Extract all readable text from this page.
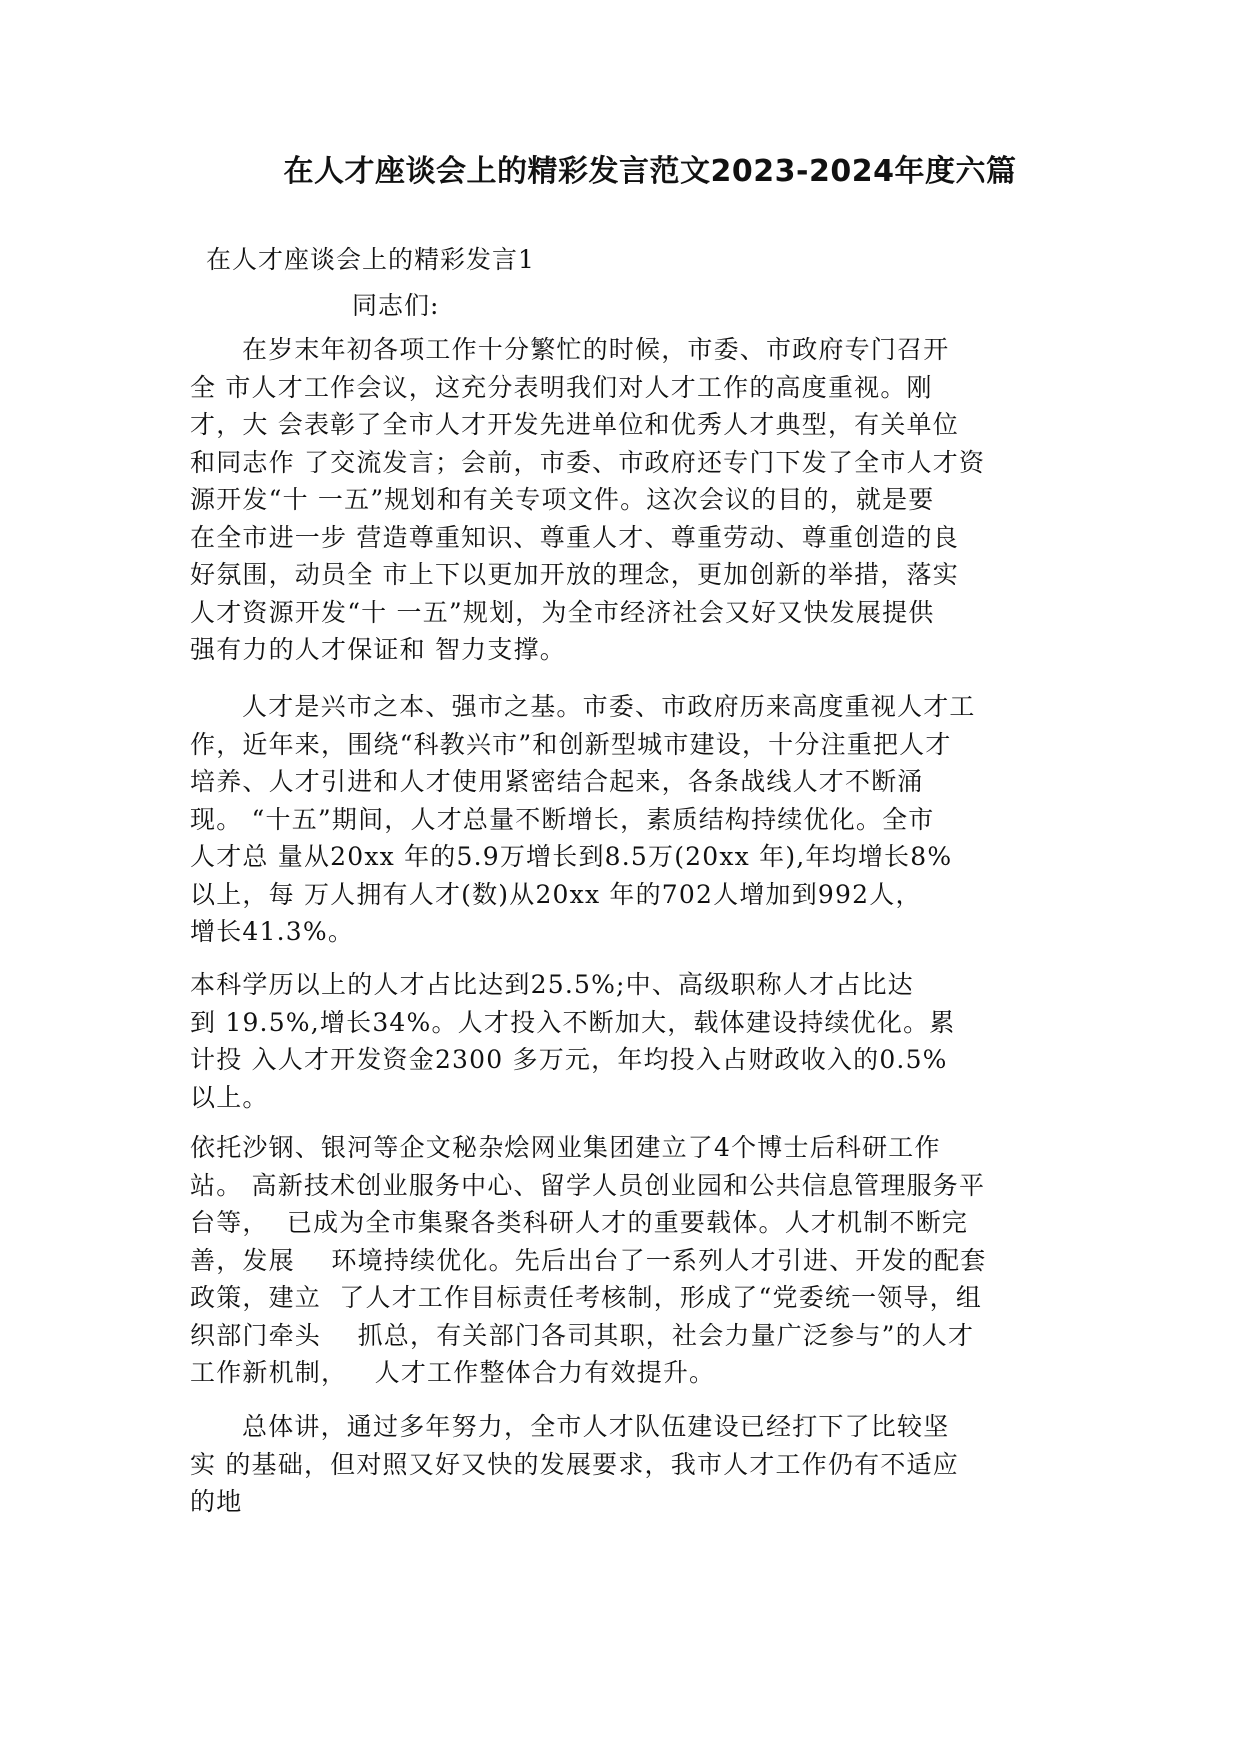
在人才座谈会上的精彩发言范文2023-2024年度六篇

在人才座谈会上的精彩发言1

同志们:

在岁末年初各项工作十分繁忙的时候，市委、市政府专门召开
全 市人才工作会议，这充分表明我们对人才工作的高度重视。刚
才，大 会表彰了全市人才开发先进单位和优秀人才典型，有关单位
和同志作 了交流发言；会前，市委、市政府还专门下发了全市人才资
源开发“十 一五”规划和有关专项文件。这次会议的目的，就是要
在全市进一步 营造尊重知识、尊重人才、尊重劳动、尊重创造的良
好氛围，动员全 市上下以更加开放的理念，更加创新的举措，落实
人才资源开发“十 一五”规划，为全市经济社会又好又快发展提供
强有力的人才保证和 智力支撑。

人才是兴市之本、强市之基。市委、市政府历来高度重视人才工
作，近年来，围绕“科教兴市”和创新型城市建设，十分注重把人才
培养、人才引进和人才使用紧密结合起来，各条战线人才不断涌
现。 “十五”期间，人才总量不断增长，素质结构持续优化。全市
人才总 量从20xx 年的5.9万增长到8.5万(20xx 年),年均增长8%
以上，每 万人拥有人才(数)从20xx 年的702人增加到992人，
增长41.3%。

本科学历以上的人才占比达到25.5%;中、高级职称人才占比达
到 19.5%,增长34%。人才投入不断加大，载体建设持续优化。累
计投 入人才开发资金2300 多万元，年均投入占财政收入的0.5%
以上。

依托沙钢、银河等企文秘杂烩网业集团建立了4个博士后科研工作
站。 高新技术创业服务中心、留学人员创业园和公共信息管理服务平
台等，  已成为全市集聚各类科研人才的重要载体。人才机制不断完
善，发展    环境持续优化。先后出台了一系列人才引进、开发的配套
政策，建立  了人才工作目标责任考核制，形成了“党委统一领导，组
织部门牵头    抓总，有关部门各司其职，社会力量广泛参与”的人才
工作新机制，   人才工作整体合力有效提升。

总体讲，通过多年努力，全市人才队伍建设已经打下了比较坚
实 的基础，但对照又好又快的发展要求，我市人才工作仍有不适应
的地
